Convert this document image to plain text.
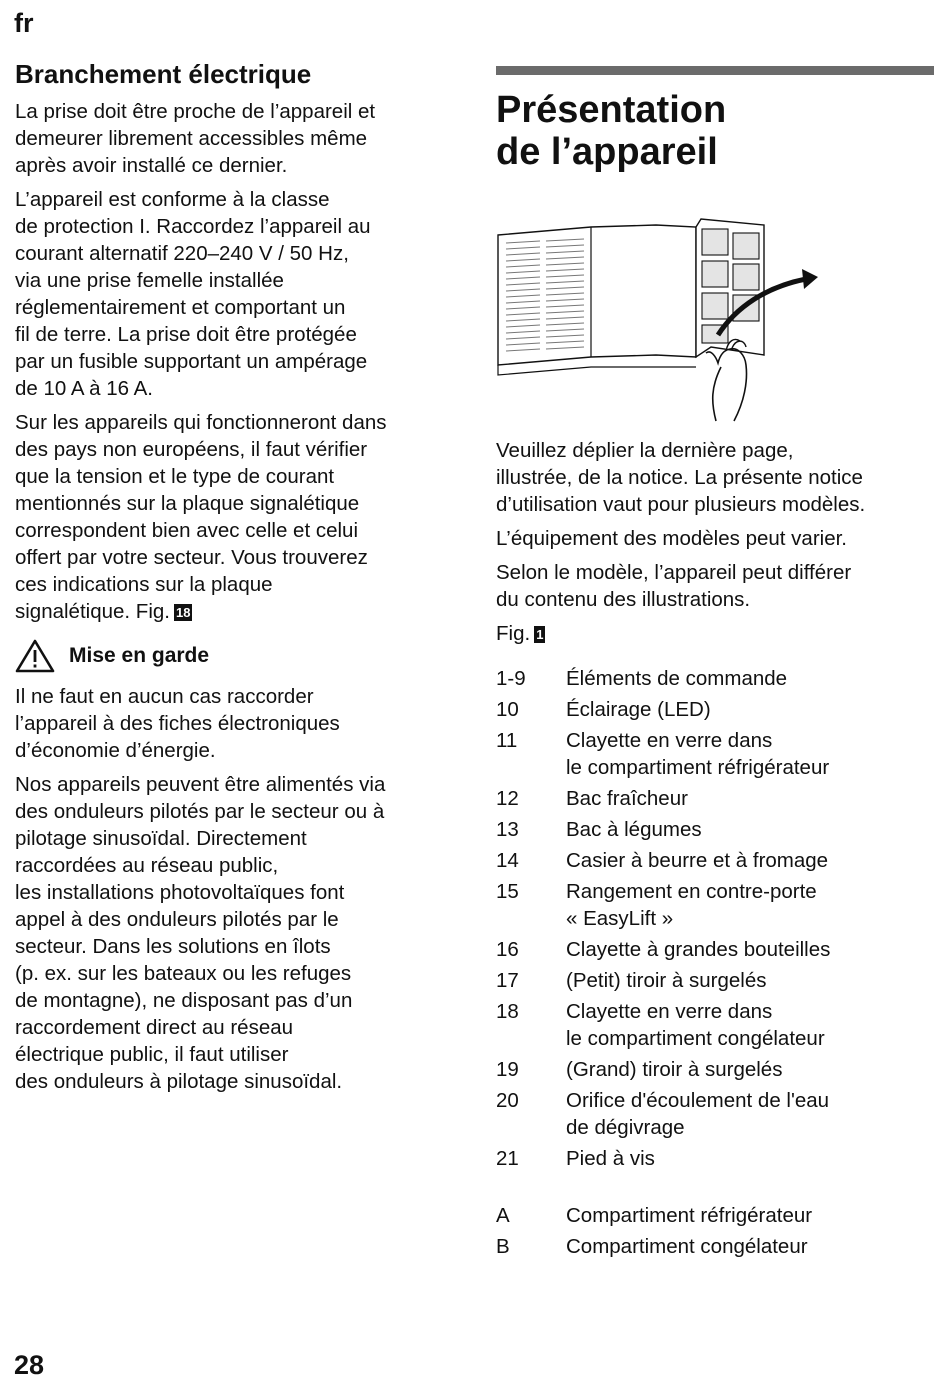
fr
Branchement électrique

La prise doit être proche de l’appareil et
demeurer librement accessibles même
après avoir installé ce dernier.

L’appareil est conforme à la classe
de protection I. Raccordez l’appareil au
courant alternatif 220–240 V / 50 Hz,
via une prise femelle installée
réglementairement et comportant un
fil de terre. La prise doit être protégée
par un fusible supportant un ampérage
de 10 A à 16 A.

Sur les appareils qui fonctionneront dans
des pays non européens, il faut vérifier
que la tension et le type de courant
mentionnés sur la plaque signalétique
correspondent bien avec celle et celui
offert par votre secteur. Vous trouverez
ces indications sur la plaque
signalétique. Fig. 18

Mise en garde

Il ne faut en aucun cas raccorder
l’appareil à des fiches électroniques
d’économie d’énergie.

Nos appareils peuvent être alimentés via
des onduleurs pilotés par le secteur ou à
pilotage sinusoïdal. Directement
raccordées au réseau public,
les installations photovoltaïques font
appel à des onduleurs pilotés par le
secteur. Dans les solutions en îlots
(p. ex. sur les bateaux ou les refuges
de montagne), ne disposant pas d’un
raccordement direct au réseau
électrique public, il faut utiliser
des onduleurs à pilotage sinusoïdal.

Présentation
de l’appareil

Veuillez déplier la dernière page,
illustrée, de la notice. La présente notice
d’utilisation vaut pour plusieurs modèles.

L’équipement des modèles peut varier.

Selon le modèle, l’appareil peut différer
du contenu des illustrations.

Fig. 1
1-9	Éléments de commande
10	Éclairage (LED)
11	Clayette en verre dans
le compartiment réfrigérateur
12	Bac fraîcheur
13	Bac à légumes
14	Casier à beurre et à fromage
15	Rangement en contre-porte
« EasyLift »
16	Clayette à grandes bouteilles
17	(Petit) tiroir à surgelés
18	Clayette en verre dans
le compartiment congélateur
19	(Grand) tiroir à surgelés
20	Orifice d'écoulement de l'eau
de dégivrage
21	Pied à vis
A	Compartiment réfrigérateur
B	Compartiment congélateur
28
